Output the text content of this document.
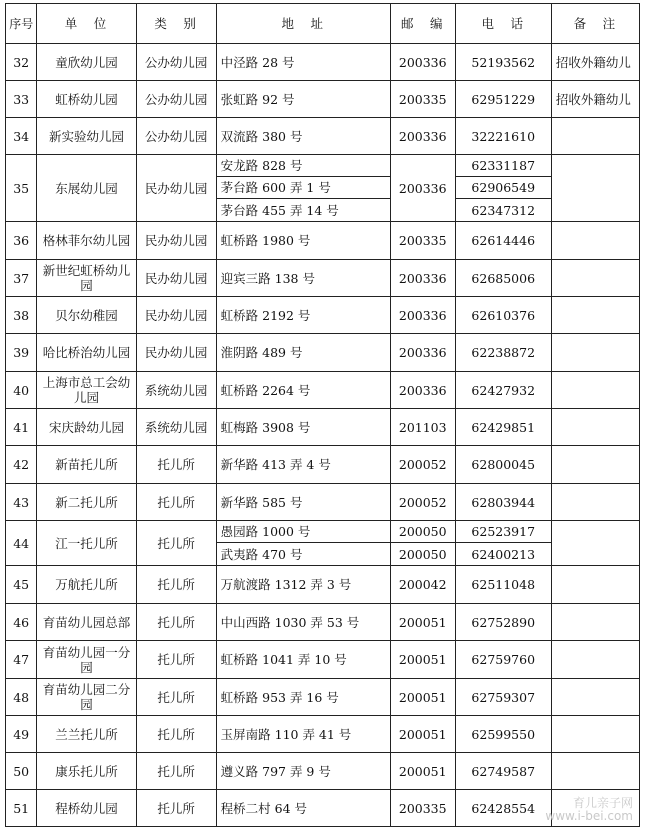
序号	单　位	类　别	地　址	邮　编	电　话	备　注
32	童欣幼儿园	公办幼儿园	中泾路 28 号	200336	52193562	招收外籍幼儿
33	虹桥幼儿园	公办幼儿园	张虹路 92 号	200335	62951229	招收外籍幼儿
34	新实验幼儿园	公办幼儿园	双流路 380 号	200336	32221610	
35	东展幼儿园	民办幼儿园	安龙路 828 号	200336	62331187	
			茅台路 600 弄 1 号		62906549	
			茅台路 455 弄 14 号		62347312	
36	格林菲尔幼儿园	民办幼儿园	虹桥路 1980 号	200335	62614446	
37	新世纪虹桥幼儿园	民办幼儿园	迎宾三路 138 号	200336	62685006	
38	贝尔幼稚园	民办幼儿园	虹桥路 2192 号	200336	62610376	
39	哈比桥治幼儿园	民办幼儿园	淮阴路 489 号	200336	62238872	
40	上海市总工会幼儿园	系统幼儿园	虹桥路 2264 号	200336	62427932	
41	宋庆龄幼儿园	系统幼儿园	虹梅路 3908 号	201103	62429851	
42	新苗托儿所	托儿所	新华路 413 弄 4 号	200052	62800045	
43	新二托儿所	托儿所	新华路 585 号	200052	62803944	
44	江一托儿所	托儿所	愚园路 1000 号	200050	62523917	
			武夷路 470 号	200050	62400213	
45	万航托儿所	托儿所	万航渡路 1312 弄 3 号	200042	62511048	
46	育苗幼儿园总部	托儿所	中山西路 1030 弄 53 号	200051	62752890	
47	育苗幼儿园一分园	托儿所	虹桥路 1041 弄 10 号	200051	62759760	
48	育苗幼儿园二分园	托儿所	虹桥路 953 弄 16 号	200051	62759307	
49	兰兰托儿所	托儿所	玉屏南路 110 弄 41 号	200051	62599550	
50	康乐托儿所	托儿所	遵义路 797 弄 9 号	200051	62749587	
51	程桥幼儿园	托儿所	程桥二村 64 号	200335	62428554		育儿亲子网
www.i-bei.com
